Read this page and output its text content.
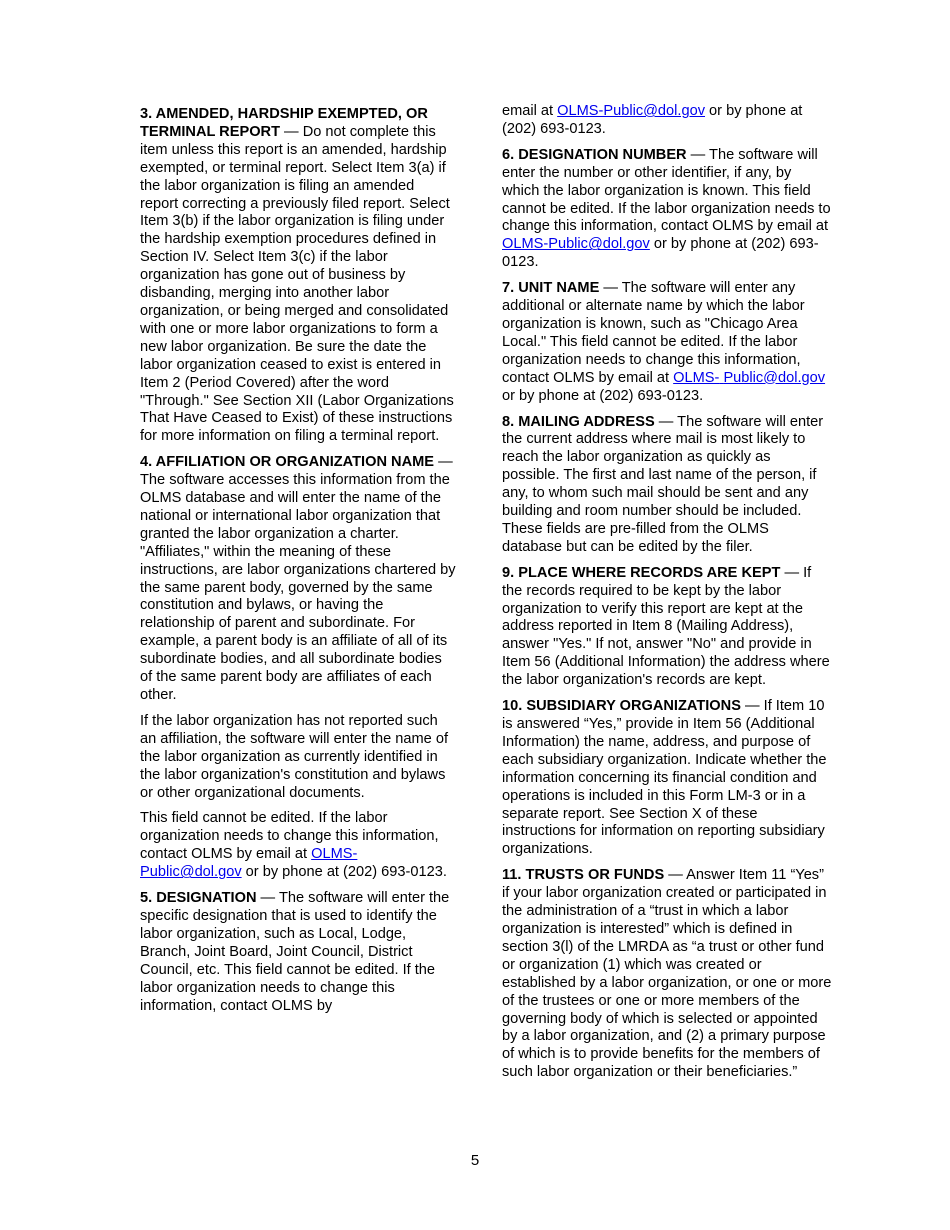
3. AMENDED, HARDSHIP EXEMPTED, OR TERMINAL REPORT — Do not complete this item unless this report is an amended, hardship exempted, or terminal report. Select Item 3(a) if the labor organization is filing an amended report correcting a previously filed report. Select Item 3(b) if the labor organization is filing under the hardship exemption procedures defined in Section IV. Select Item 3(c) if the labor organization has gone out of business by disbanding, merging into another labor organization, or being merged and consolidated with one or more labor organizations to form a new labor organization. Be sure the date the labor organization ceased to exist is entered in Item 2 (Period Covered) after the word "Through." See Section XII (Labor Organizations That Have Ceased to Exist) of these instructions for more information on filing a terminal report.

4. AFFILIATION OR ORGANIZATION NAME — The software accesses this information from the OLMS database and will enter the name of the national or international labor organization that granted the labor organization a charter. "Affiliates," within the meaning of these instructions, are labor organizations chartered by the same parent body, governed by the same constitution and bylaws, or having the relationship of parent and subordinate. For example, a parent body is an affiliate of all of its subordinate bodies, and all subordinate bodies of the same parent body are affiliates of each other.

If the labor organization has not reported such an affiliation, the software will enter the name of the labor organization as currently identified in the labor organization's constitution and bylaws or other organizational documents.

This field cannot be edited. If the labor organization needs to change this information, contact OLMS by email at OLMS-Public@dol.gov or by phone at (202) 693-0123.

5. DESIGNATION — The software will enter the specific designation that is used to identify the labor organization, such as Local, Lodge, Branch, Joint Board, Joint Council, District Council, etc. This field cannot be edited. If the labor organization needs to change this information, contact OLMS by

email at OLMS-Public@dol.gov or by phone at (202) 693-0123.

6. DESIGNATION NUMBER — The software will enter the number or other identifier, if any, by which the labor organization is known. This field cannot be edited. If the labor organization needs to change this information, contact OLMS by email at OLMS-Public@dol.gov or by phone at (202) 693-0123.

7. UNIT NAME — The software will enter any additional or alternate name by which the labor organization is known, such as "Chicago Area Local." This field cannot be edited. If the labor organization needs to change this information, contact OLMS by email at OLMS- Public@dol.gov or by phone at (202) 693-0123.

8. MAILING ADDRESS — The software will enter the current address where mail is most likely to reach the labor organization as quickly as possible. The first and last name of the person, if any, to whom such mail should be sent and any building and room number should be included. These fields are pre-filled from the OLMS database but can be edited by the filer.

9. PLACE WHERE RECORDS ARE KEPT — If the records required to be kept by the labor organization to verify this report are kept at the address reported in Item 8 (Mailing Address), answer "Yes." If not, answer "No" and provide in Item 56 (Additional Information) the address where the labor organization's records are kept.

10. SUBSIDIARY ORGANIZATIONS — If Item 10 is answered “Yes,” provide in Item 56 (Additional Information) the name, address, and purpose of each subsidiary organization. Indicate whether the information concerning its financial condition and operations is included in this Form LM-3 or in a separate report. See Section X of these instructions for information on reporting subsidiary organizations.

11. TRUSTS OR FUNDS — Answer Item 11 “Yes” if your labor organization created or participated in the administration of a “trust in which a labor organization is interested” which is defined in section 3(l) of the LMRDA as “a trust or other fund or organization (1) which was created or established by a labor organization, or one or more of the trustees or one or more members of the governing body of which is selected or appointed by a labor organization, and (2) a primary purpose of which is to provide benefits for the members of such labor organization or their beneficiaries.”

5
